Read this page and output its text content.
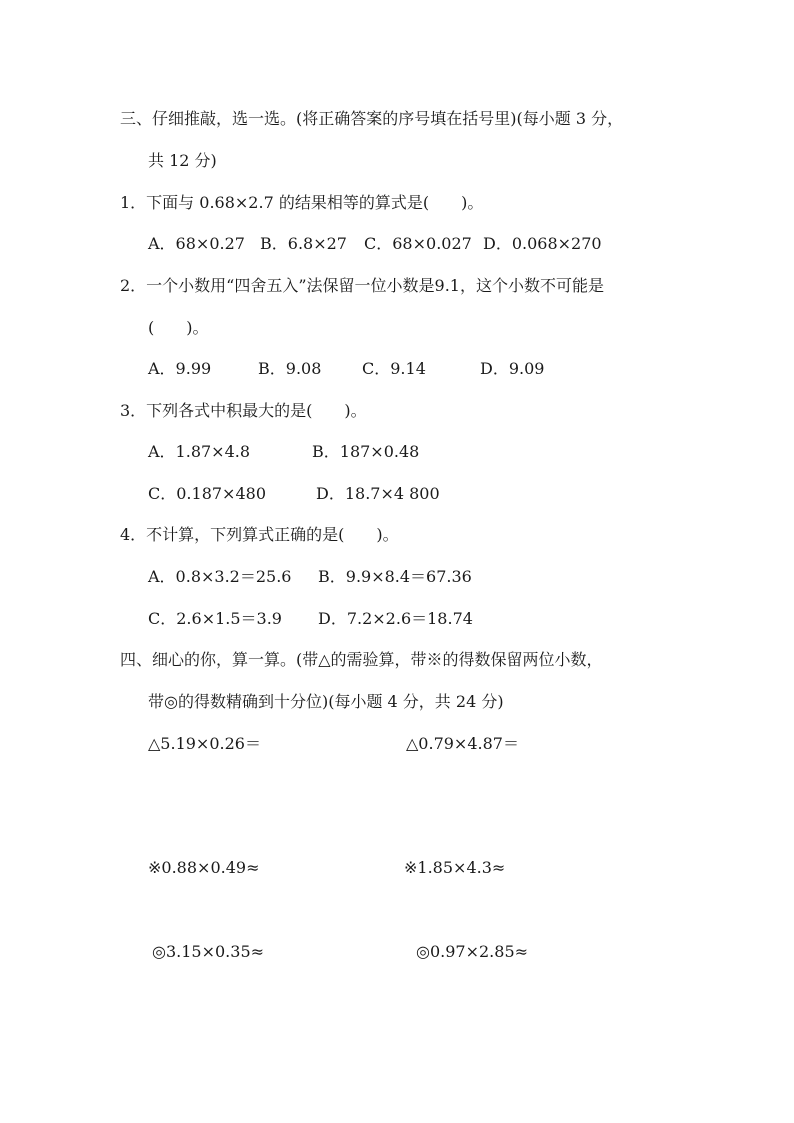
三、仔细推敲，选一选。(将正确答案的序号填在括号里)(每小题 3 分，
共 12 分)
1．下面与 0.68×2.7 的结果相等的算式是(　　)。
A．68×0.27 B．6.8×27 C．68×0.027 D．0.068×270
2．一个小数用“四舍五入”法保留一位小数是9.1，这个小数不可能是
(　　)。
A．9.99	B．9.08	C．9.14	D．9.09
3．下列各式中积最大的是(　　)。
A．1.87×4.8	B．187×0.48
C．0.187×480	D．18.7×4 800
4．不计算，下列算式正确的是(　　)。
A．0.8×3.2＝25.6 B．9.9×8.4＝67.36
C．2.6×1.5＝3.9 D．7.2×2.6＝18.74
四、细心的你，算一算。(带△的需验算，带※的得数保留两位小数，
带◎的得数精确到十分位)(每小题 4 分，共 24 分)
△5.19×0.26＝	△0.79×4.87＝
※0.88×0.49≈	※1.85×4.3≈
◎3.15×0.35≈	◎0.97×2.85≈
